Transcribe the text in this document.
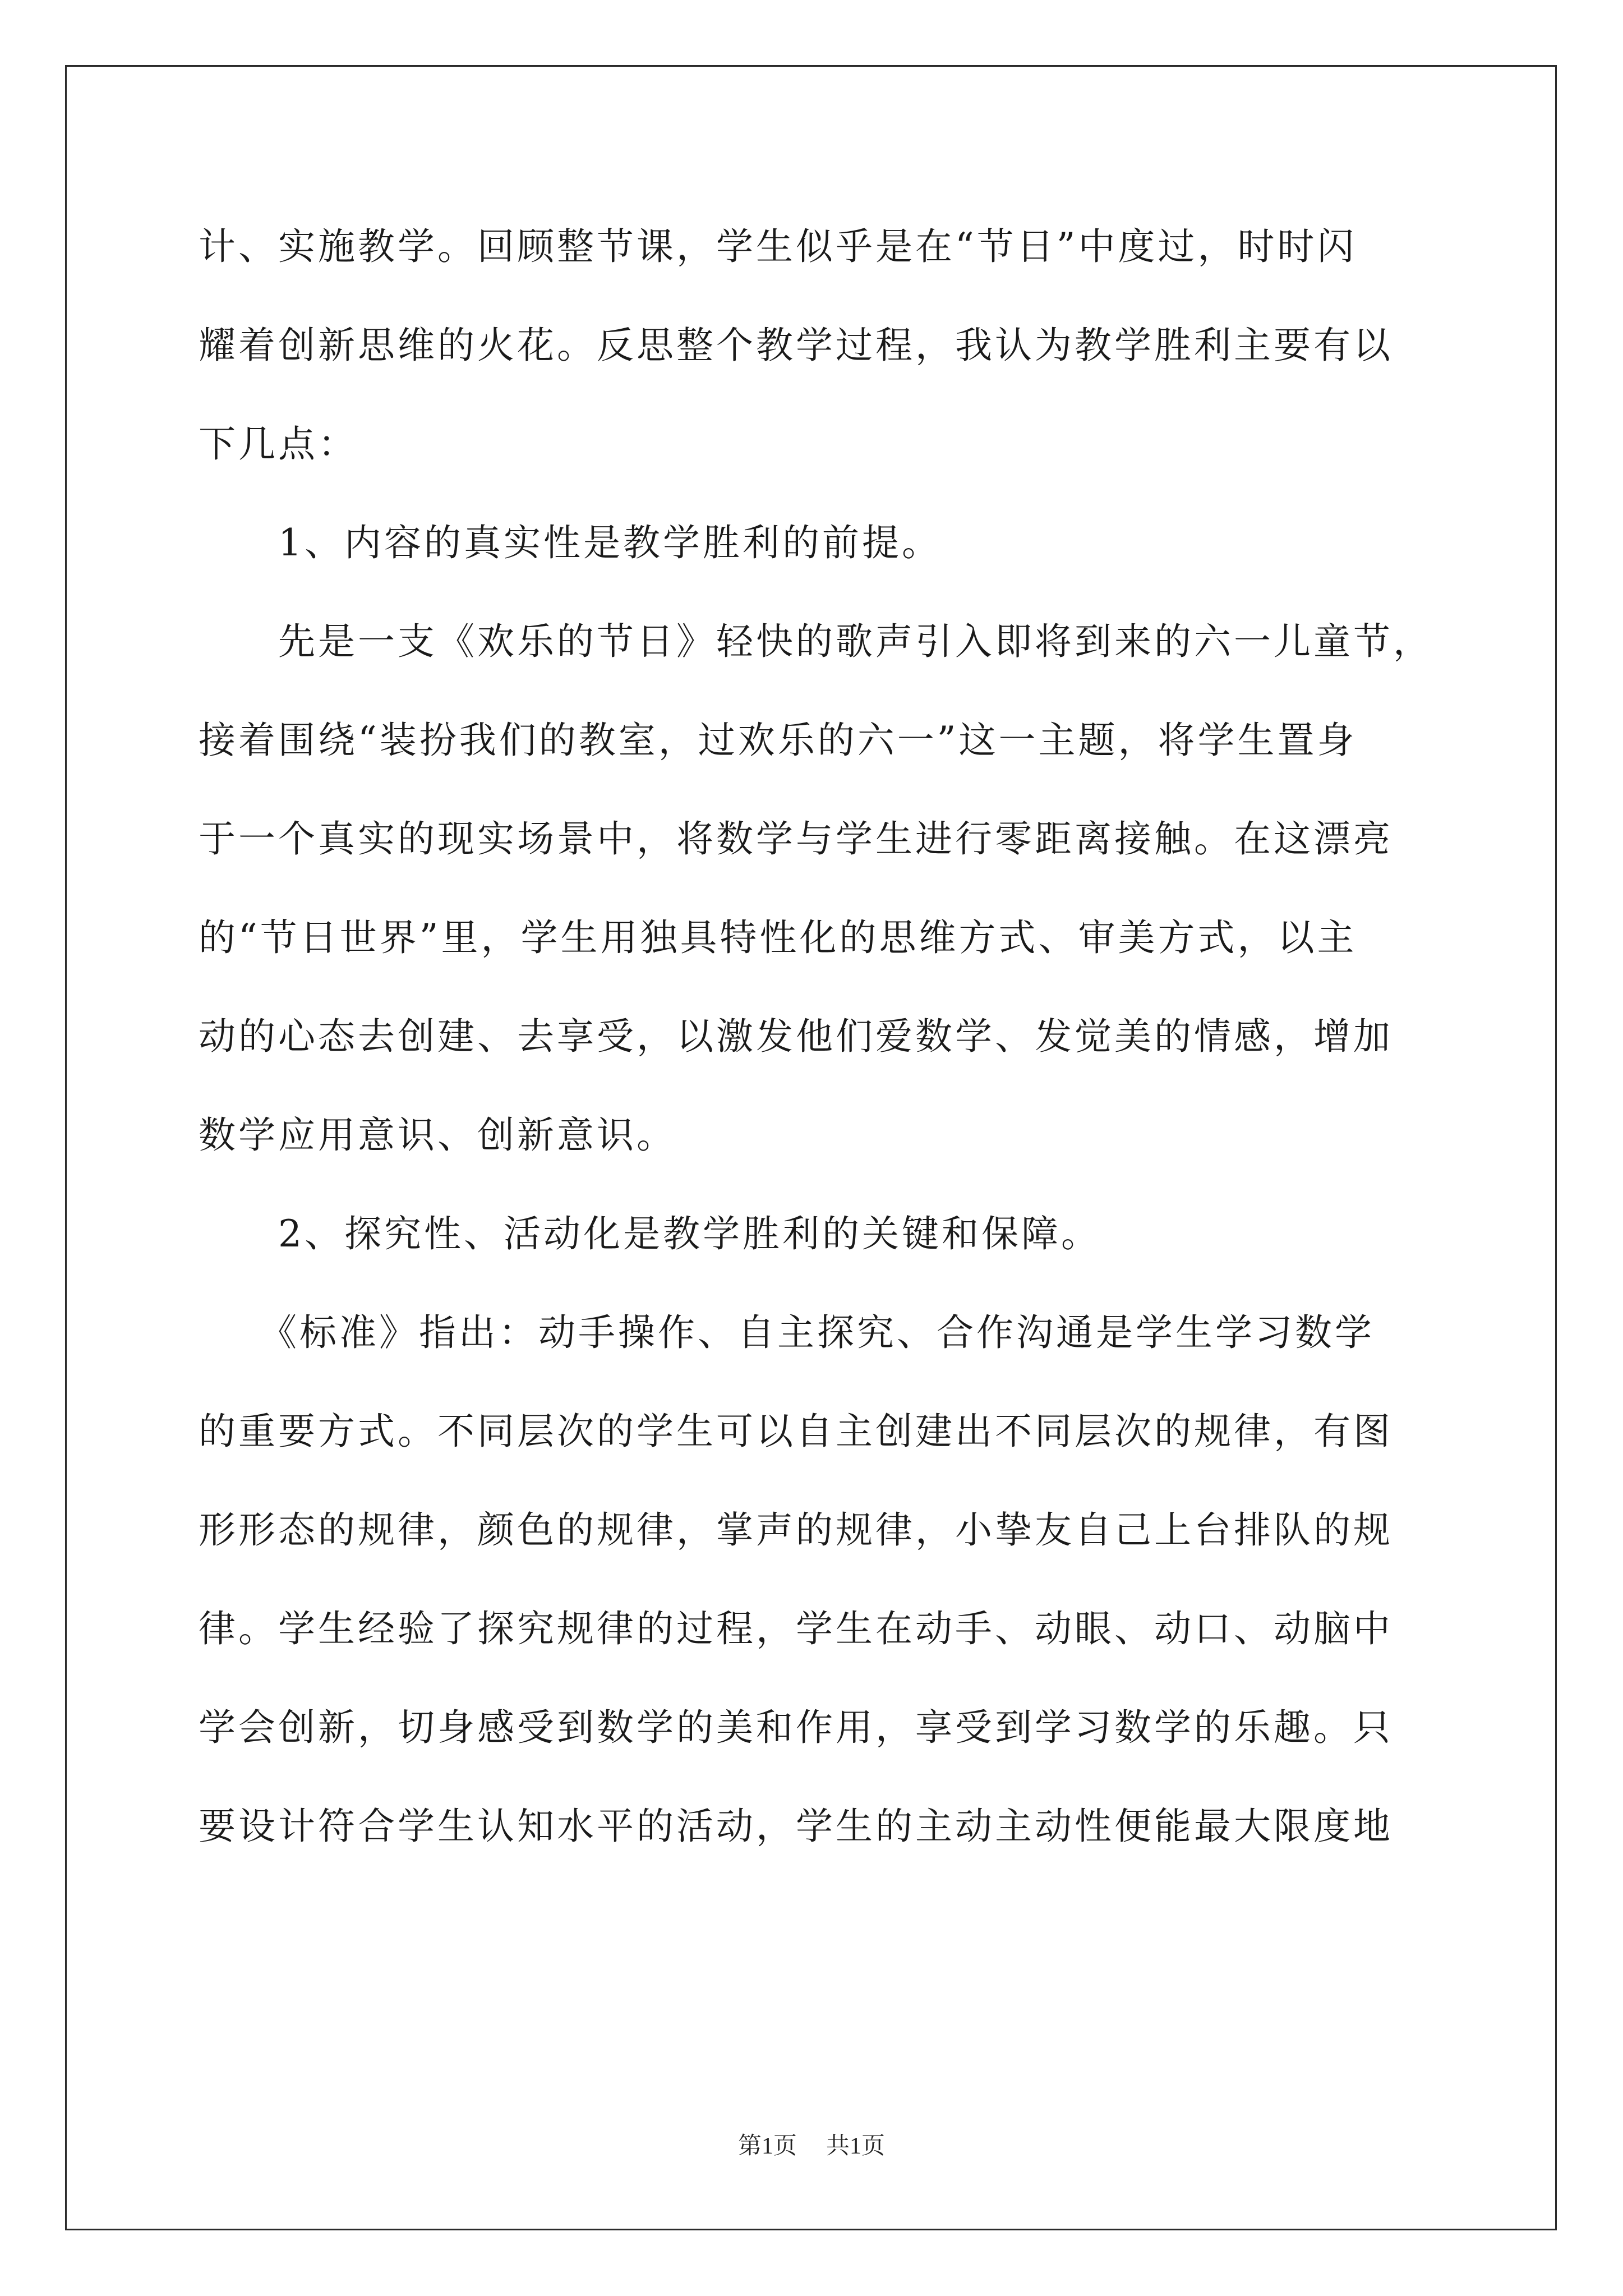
计、实施教学。回顾整节课，学生似乎是在“节日”中度过，时时闪
耀着创新思维的火花。反思整个教学过程，我认为教学胜利主要有以
下几点：
　　1、内容的真实性是教学胜利的前提。
　　先是一支《欢乐的节日》轻快的歌声引入即将到来的六一儿童节，
接着围绕“装扮我们的教室，过欢乐的六一”这一主题，将学生置身
于一个真实的现实场景中，将数学与学生进行零距离接触。在这漂亮
的“节日世界”里，学生用独具特性化的思维方式、审美方式，以主
动的心态去创建、去享受，以激发他们爱数学、发觉美的情感，增加
数学应用意识、创新意识。
　　2、探究性、活动化是教学胜利的关键和保障。
　　《标准》指出：动手操作、自主探究、合作沟通是学生学习数学
的重要方式。不同层次的学生可以自主创建出不同层次的规律，有图
形形态的规律，颜色的规律，掌声的规律，小挚友自己上台排队的规
律。学生经验了探究规律的过程，学生在动手、动眼、动口、动脑中
学会创新，切身感受到数学的美和作用，享受到学习数学的乐趣。只
要设计符合学生认知水平的活动，学生的主动主动性便能最大限度地
第1页 共1页
